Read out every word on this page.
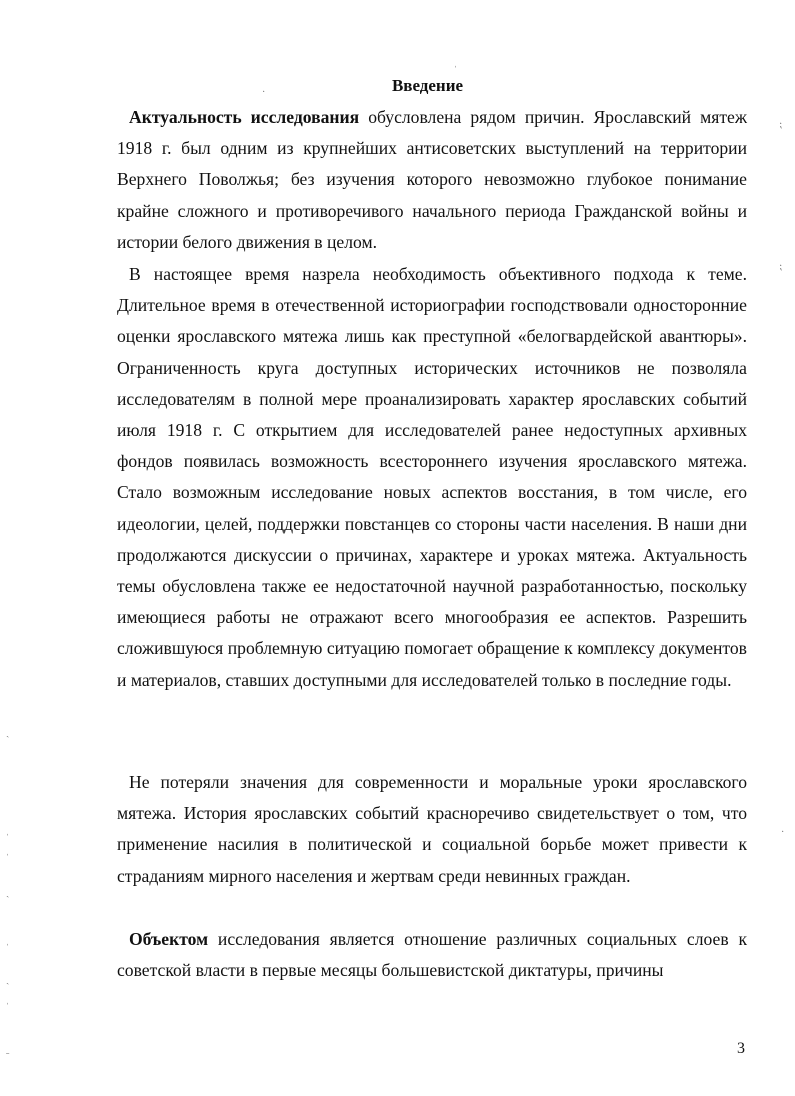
Введение

Актуальность исследования обусловлена рядом причин. Ярославский мятеж 1918 г. был одним из крупнейших антисоветских выступлений на территории Верхнего Поволжья; без изучения которого невозможно глубокое понимание крайне сложного и противоречивого начального периода Гражданской войны и истории белого движения в целом.

В настоящее время назрела необходимость объективного подхода к теме. Длительное время в отечественной историографии господствовали односторонние оценки ярославского мятежа лишь как преступной «белогвардейской авантюры». Ограниченность круга доступных исторических источников не позволяла исследователям в полной мере проанализировать характер ярославских событий июля 1918 г. С открытием для исследователей ранее недоступных архивных фондов появилась возможность всестороннего изучения ярославского мятежа. Стало возможным исследование новых аспектов восстания, в том числе, его идеологии, целей, поддержки повстанцев со стороны части населения. В наши дни продолжаются дискуссии о причинах, характере и уроках мятежа. Актуальность темы обусловлена также ее недостаточной научной разработанностью, поскольку имеющиеся работы не отражают всего многообразия ее аспектов. Разрешить сложившуюся проблемную ситуацию помогает обращение к комплексу документов и материалов, ставших доступными для исследователей только в последние годы.

Не потеряли значения для современности и моральные уроки ярославского мятежа. История ярославских событий красноречиво свидетельствует о том, что применение насилия в политической и социальной борьбе может привести к страданиям мирного населения и жертвам среди невинных граждан.

Объектом исследования является отношение различных социальных слоев к советской власти в первые месяцы большевистской диктатуры, причины

3
·
ˈ
⁏
⁏
·
ˏ
ˌ
ˌ
ˎ
ˌ
ˏ
ˌ
ˍ
